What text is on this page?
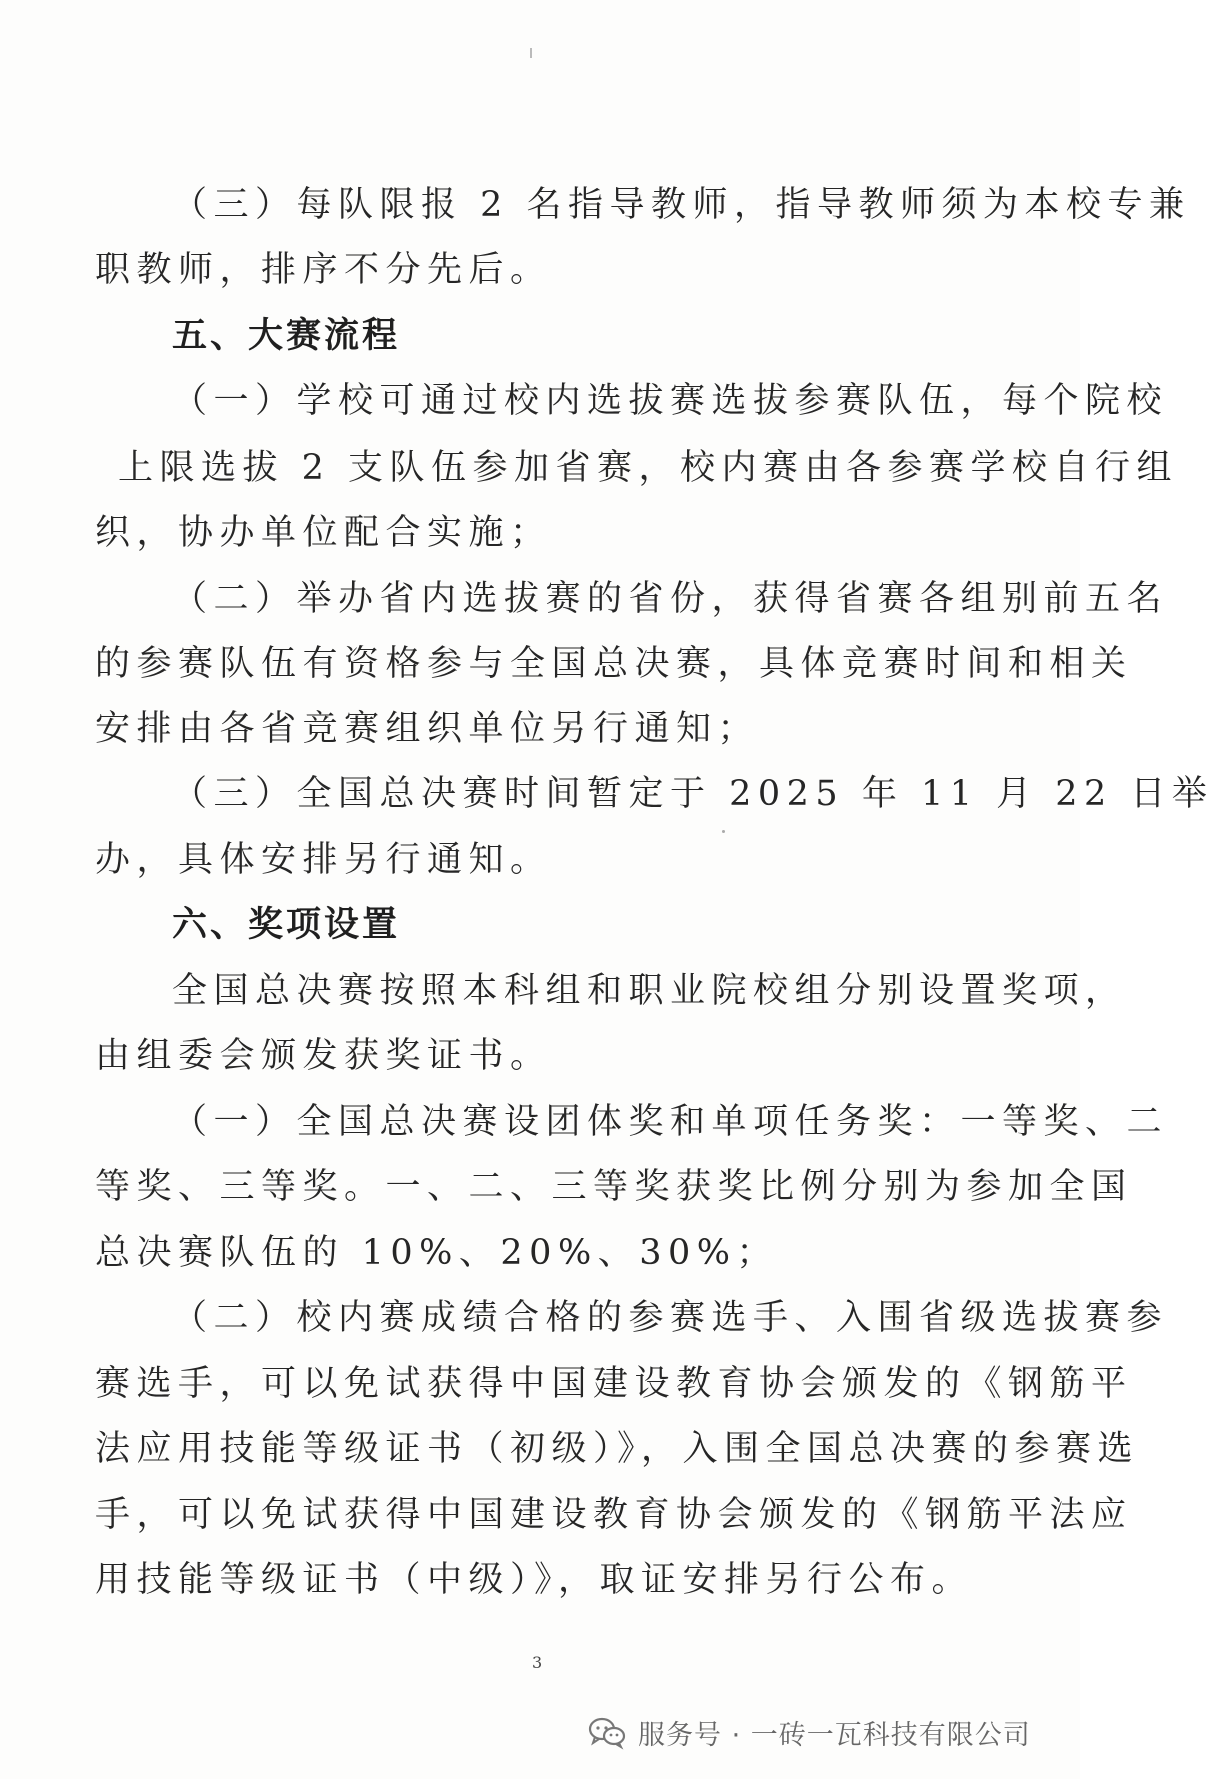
（三）每队限报 2 名指导教师，指导教师须为本校专兼
职教师，排序不分先后。
五、大赛流程
（一）学校可通过校内选拔赛选拔参赛队伍，每个院校
上限选拔 2 支队伍参加省赛，校内赛由各参赛学校自行组
织，协办单位配合实施；
（二）举办省内选拔赛的省份，获得省赛各组别前五名
的参赛队伍有资格参与全国总决赛，具体竞赛时间和相关
安排由各省竞赛组织单位另行通知；
（三）全国总决赛时间暂定于 2025 年 11 月 22 日举
办，具体安排另行通知。
六、奖项设置
全国总决赛按照本科组和职业院校组分别设置奖项，
由组委会颁发获奖证书。
（一）全国总决赛设团体奖和单项任务奖：一等奖、二
等奖、三等奖。一、二、三等奖获奖比例分别为参加全国
总决赛队伍的 10%、20%、30%；
（二）校内赛成绩合格的参赛选手、入围省级选拔赛参
赛选手，可以免试获得中国建设教育协会颁发的《钢筋平
法应用技能等级证书（初级）》，入围全国总决赛的参赛选
手，可以免试获得中国建设教育协会颁发的《钢筋平法应
用技能等级证书（中级）》，取证安排另行公布。
3
服务号 · 一砖一瓦科技有限公司
